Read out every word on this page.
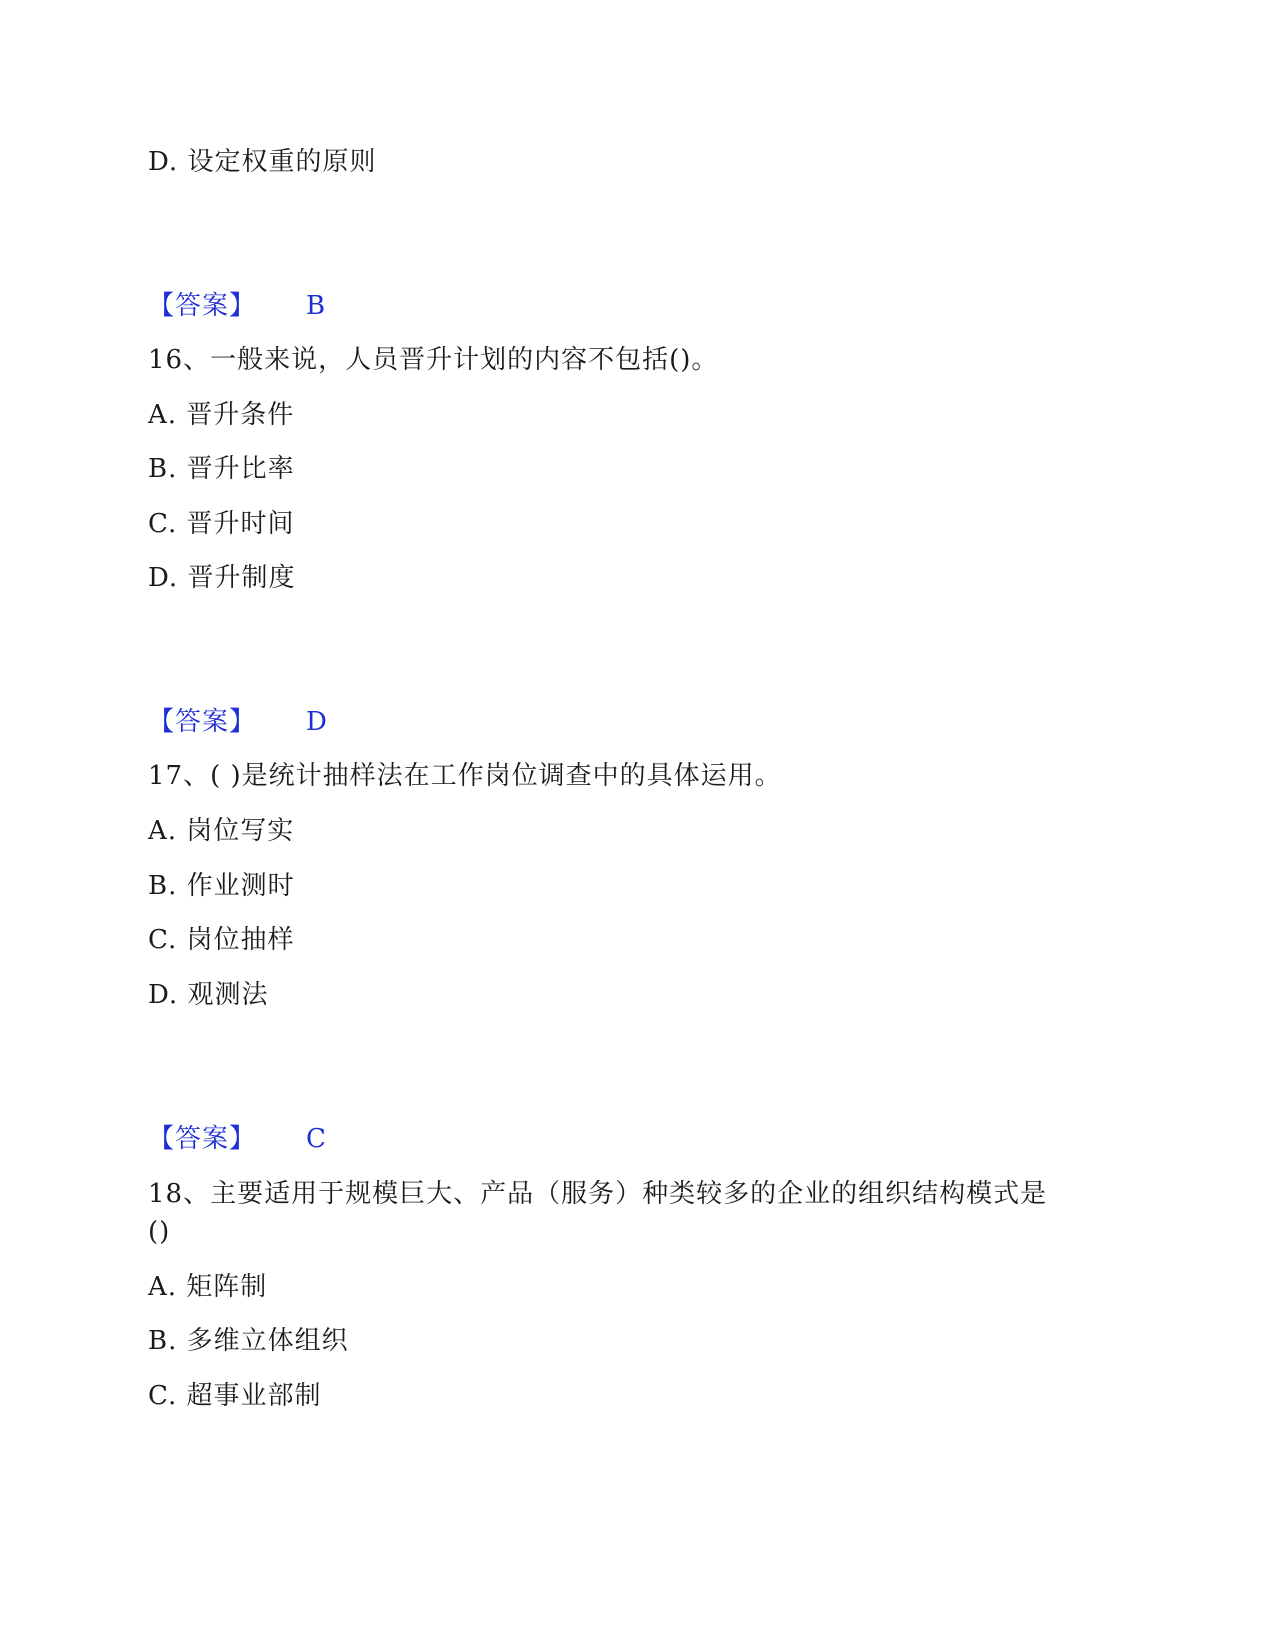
D. 设定权重的原则
【答案】 B
16、一般来说，人员晋升计划的内容不包括()。
A. 晋升条件
B. 晋升比率
C. 晋升时间
D. 晋升制度
【答案】 D
17、( )是统计抽样法在工作岗位调查中的具体运用。
A. 岗位写实
B. 作业测时
C. 岗位抽样
D. 观测法
【答案】 C
18、主要适用于规模巨大、产品（服务）种类较多的企业的组织结构模式是
()
A. 矩阵制
B. 多维立体组织
C. 超事业部制
